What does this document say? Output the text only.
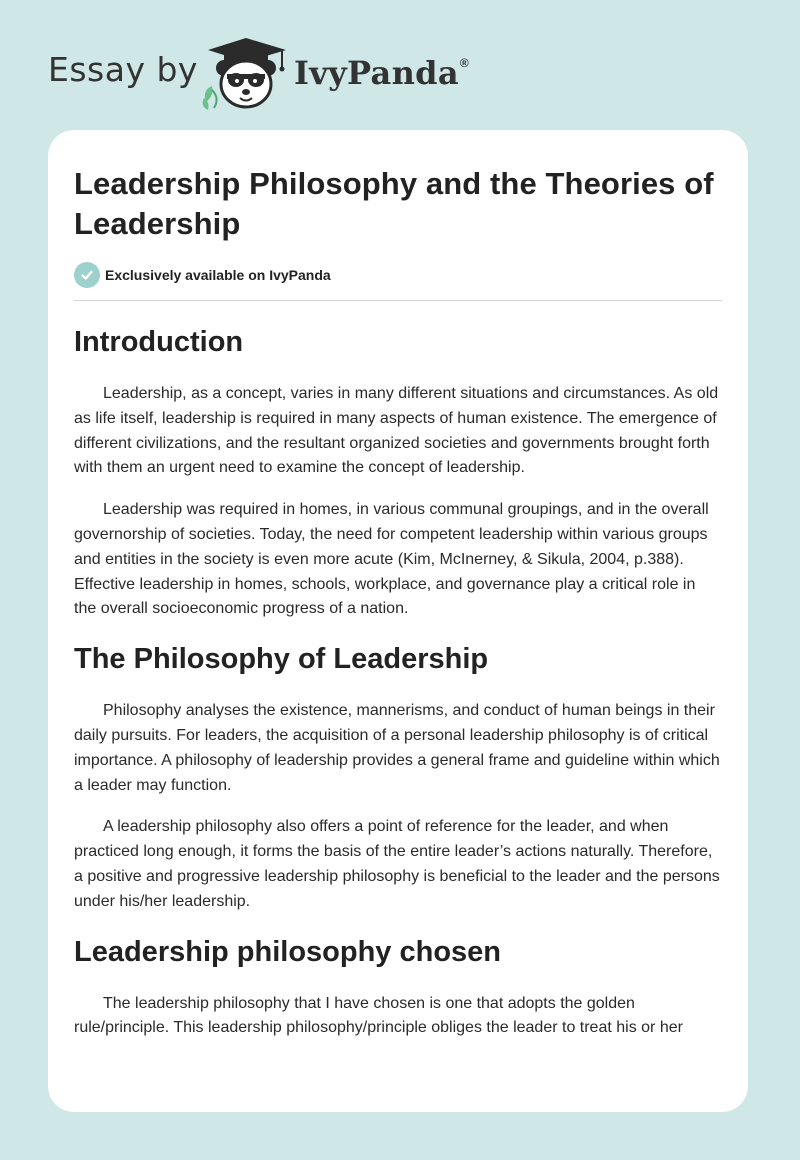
Essay by	IvyPanda®
Leadership Philosophy and the Theories of Leadership
Exclusively available on IvyPanda
Introduction

Leadership, as a concept, varies in many different situations and circumstances. As old as life itself, leadership is required in many aspects of human existence. The emergence of different civilizations, and the resultant organized societies and governments brought forth with them an urgent need to examine the concept of leadership.

Leadership was required in homes, in various communal groupings, and in the overall governorship of societies. Today, the need for competent leadership within various groups and entities in the society is even more acute (Kim, McInerney, & Sikula, 2004, p.388). Effective leadership in homes, schools, workplace, and governance play a critical role in the overall socioeconomic progress of a nation.

The Philosophy of Leadership

Philosophy analyses the existence, mannerisms, and conduct of human beings in their daily pursuits. For leaders, the acquisition of a personal leadership philosophy is of critical importance. A philosophy of leadership provides a general frame and guideline within which a leader may function.

A leadership philosophy also offers a point of reference for the leader, and when practiced long enough, it forms the basis of the entire leader’s actions naturally. Therefore, a positive and progressive leadership philosophy is beneficial to the leader and the persons under his/her leadership.

Leadership philosophy chosen

The leadership philosophy that I have chosen is one that adopts the golden rule/principle. This leadership philosophy/principle obliges the leader to treat his or her
